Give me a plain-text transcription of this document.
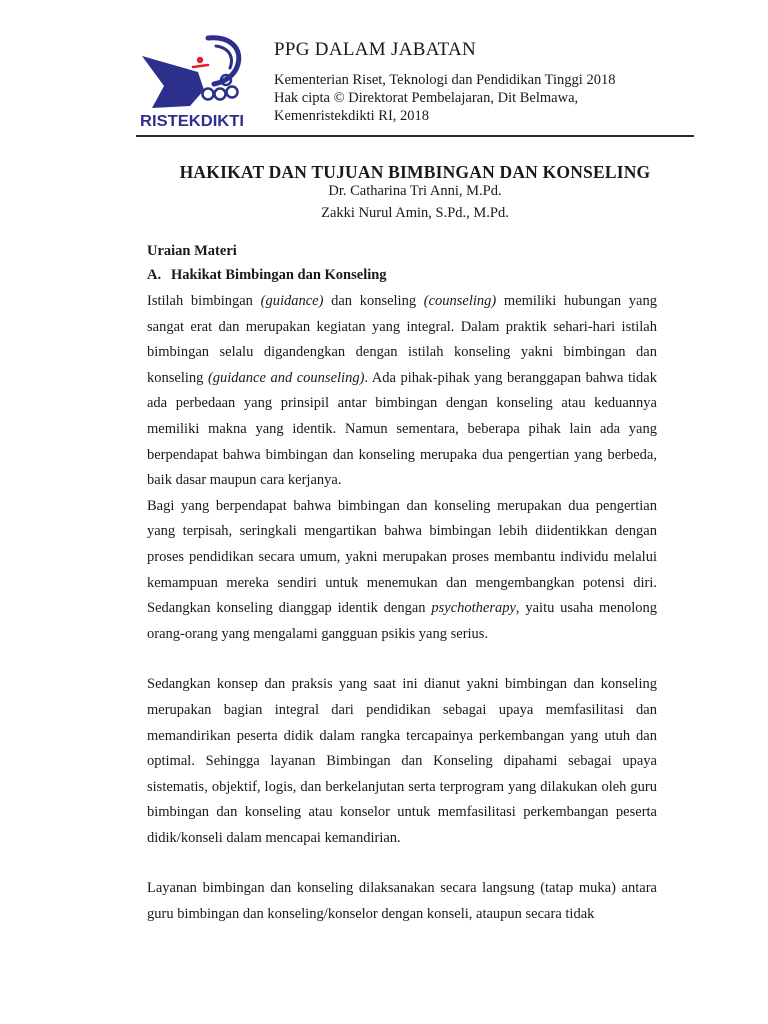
RISTEKDIKTI

PPG DALAM JABATAN

Kementerian Riset, Teknologi dan Pendidikan Tinggi 2018

Hak cipta © Direktorat Pembelajaran, Dit Belmawa,

Kemenristekdikti RI, 2018

HAKIKAT DAN TUJUAN BIMBINGAN DAN KONSELING

Dr. Catharina Tri Anni, M.Pd.

Zakki Nurul Amin, S.Pd., M.Pd.

Uraian Materi

A. Hakikat Bimbingan dan Konseling

Istilah bimbingan (guidance) dan konseling (counseling) memiliki hubungan yang sangat erat dan merupakan kegiatan yang integral. Dalam praktik sehari-hari istilah bimbingan selalu digandengkan dengan istilah konseling yakni bimbingan dan konseling (guidance and counseling). Ada pihak-pihak yang beranggapan bahwa tidak ada perbedaan yang prinsipil antar bimbingan dengan konseling atau keduannya memiliki makna yang identik. Namun sementara, beberapa pihak lain ada yang berpendapat bahwa bimbingan dan konseling merupaka dua pengertian yang berbeda, baik dasar maupun cara kerjanya.

Bagi yang berpendapat bahwa bimbingan dan konseling merupakan dua pengertian yang terpisah, seringkali mengartikan bahwa bimbingan lebih diidentikkan dengan proses pendidikan secara umum, yakni merupakan proses membantu individu melalui kemampuan mereka sendiri untuk menemukan dan mengembangkan potensi diri. Sedangkan konseling dianggap identik dengan psychotherapy, yaitu usaha menolong orang-orang yang mengalami gangguan psikis yang serius.

Sedangkan konsep dan praksis yang saat ini dianut yakni bimbingan dan konseling merupakan bagian integral dari pendidikan sebagai upaya memfasilitasi dan memandirikan peserta didik dalam rangka tercapainya perkembangan yang utuh dan optimal. Sehingga layanan Bimbingan dan Konseling dipahami sebagai upaya sistematis, objektif, logis, dan berkelanjutan serta terprogram yang dilakukan oleh guru bimbingan dan konseling atau konselor untuk memfasilitasi perkembangan peserta didik/konseli dalam mencapai kemandirian.

Layanan bimbingan dan konseling dilaksanakan secara langsung (tatap muka) antara guru bimbingan dan konseling/konselor dengan konseli, ataupun secara tidak
